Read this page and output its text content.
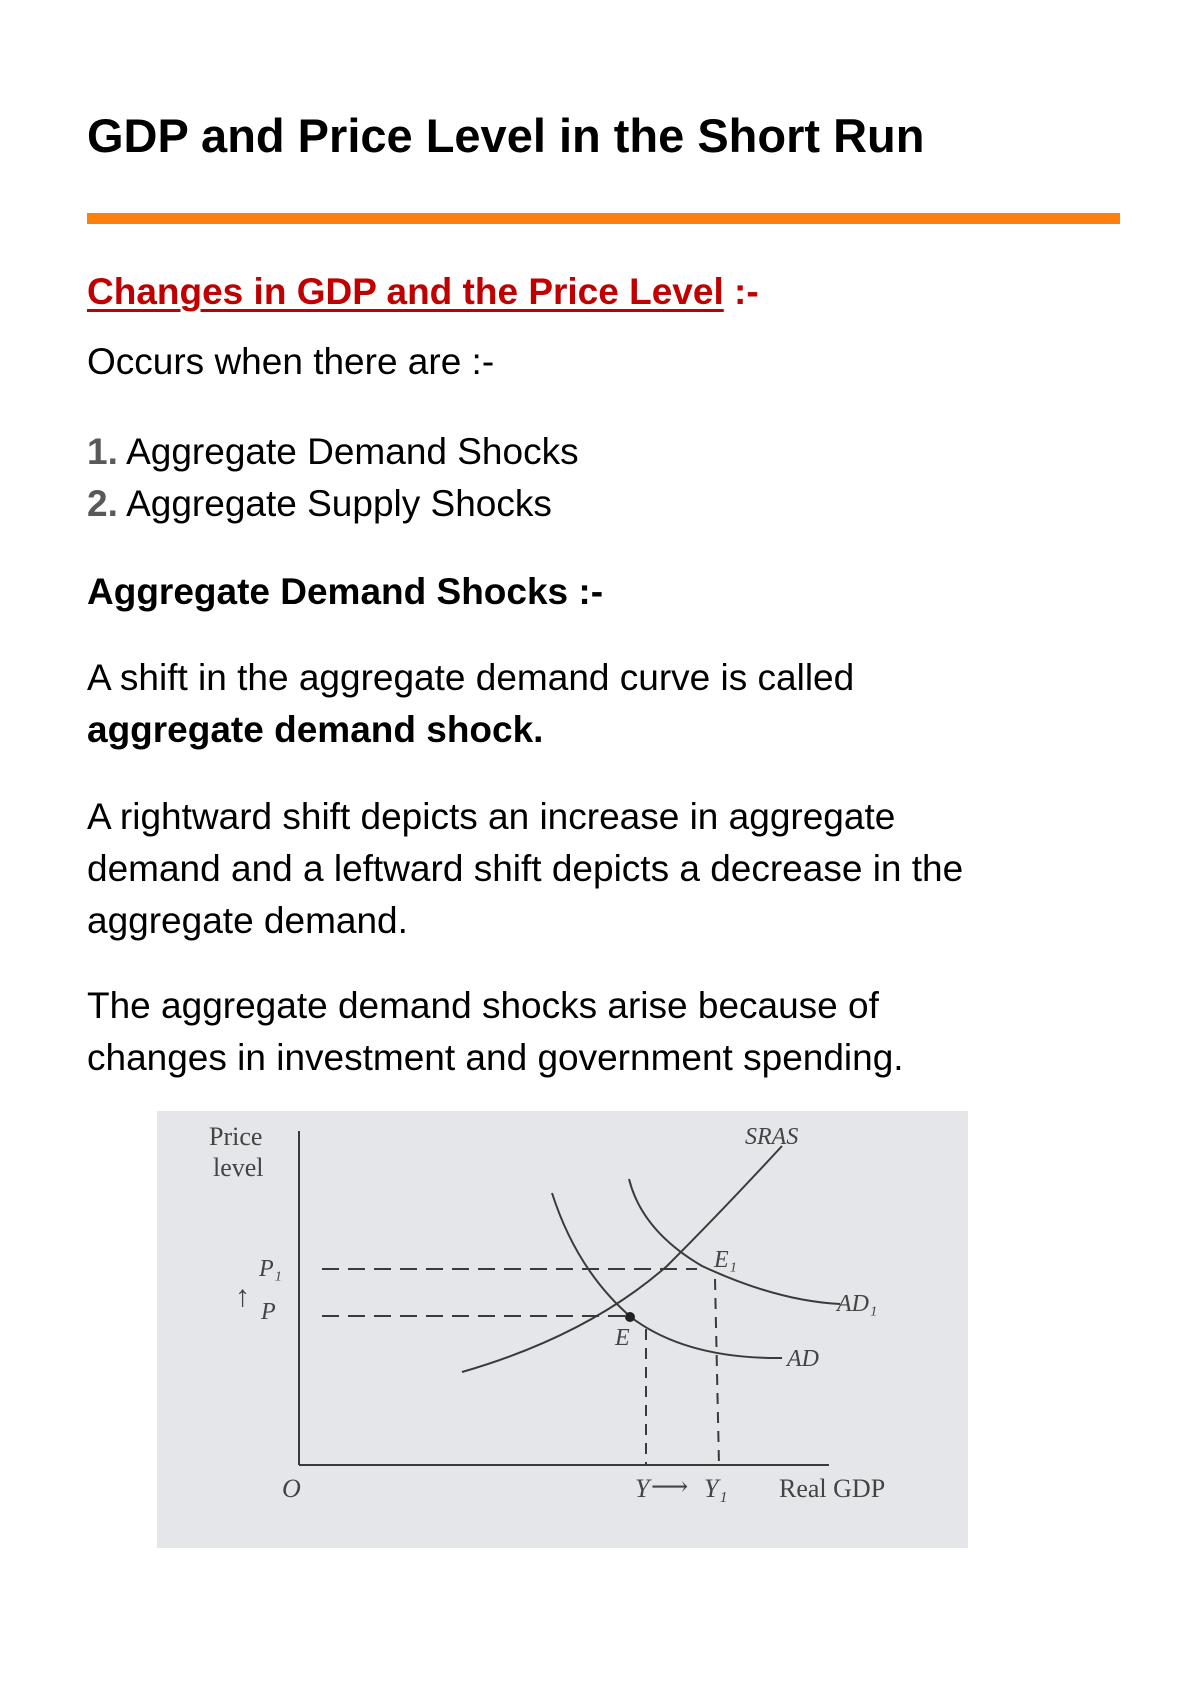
GDP and Price Level in the Short Run

Changes in GDP and the Price Level :-

Occurs when there are :-

1. Aggregate Demand Shocks

2. Aggregate Supply Shocks

Aggregate Demand Shocks :-

A shift in the aggregate demand curve is called
aggregate demand shock.
A rightward shift depicts an increase in aggregate
demand and a leftward shift depicts a decrease in the
aggregate demand.
The aggregate demand shocks arise because of
changes in investment and government spending.
Price
level
SRAS
E₁
E
AD₁
AD
P₁
P
↑
O	Y ⟶ Y₁ Real GDP
